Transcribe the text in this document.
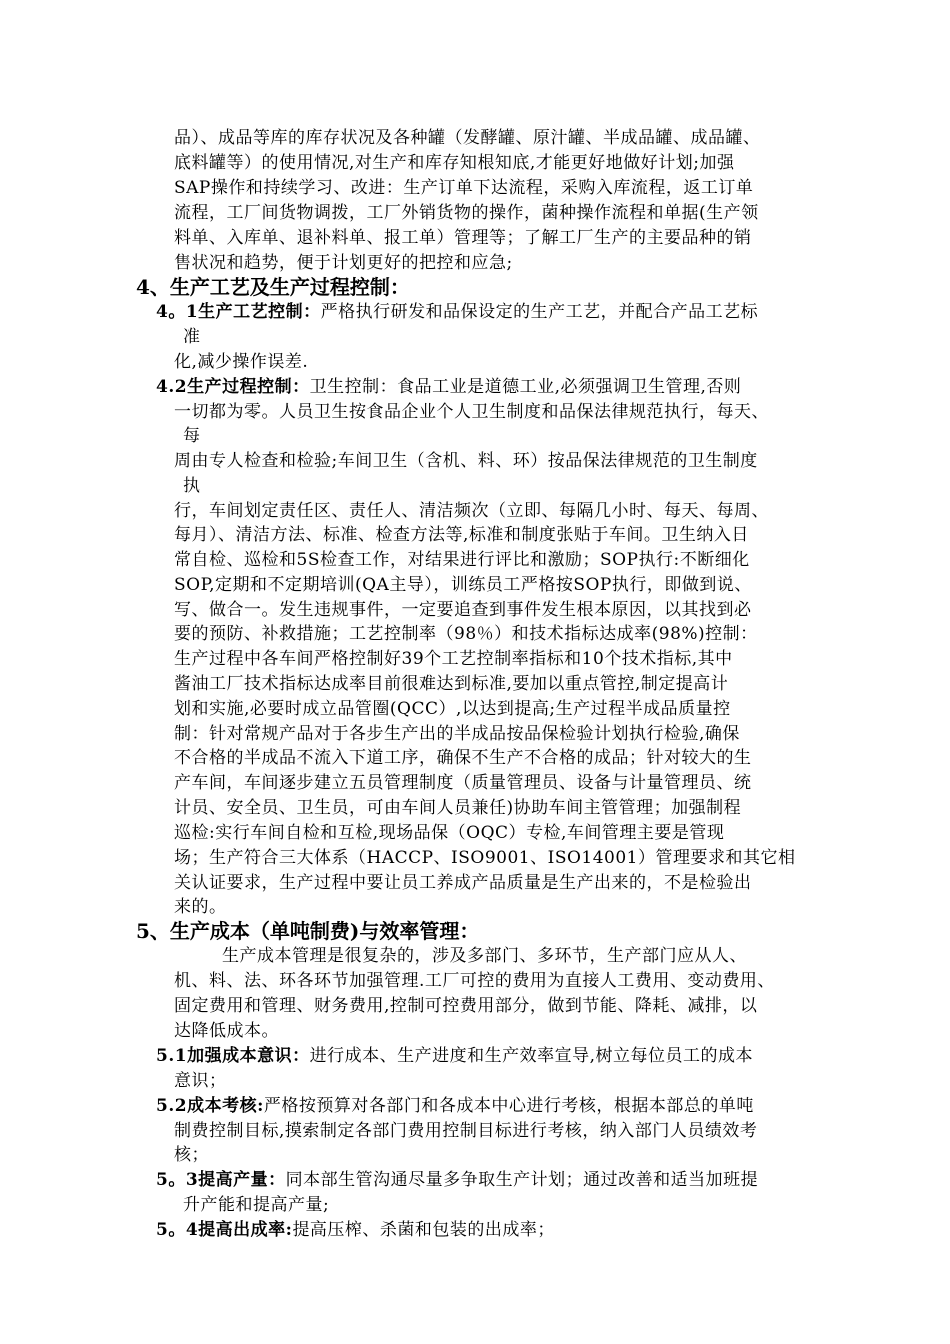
品）、成品等库的库存状况及各种罐（发酵罐、原汁罐、半成品罐、成品罐、

底料罐等）的使用情况,对生产和库存知根知底,才能更好地做好计划;加强

SAP操作和持续学习、改进：生产订单下达流程，采购入库流程，返工订单

流程，工厂间货物调拨，工厂外销货物的操作，菌种操作流程和单据(生产领

料单、入库单、退补料单、报工单）管理等；了解工厂生产的主要品种的销

售状况和趋势，便于计划更好的把控和应急;

4、生产工艺及生产过程控制：

4。1生产工艺控制：严格执行研发和品保设定的生产工艺，并配合产品工艺标

准

化,减少操作误差.

4.2生产过程控制：卫生控制：食品工业是道德工业,必须强调卫生管理,否则

一切都为零。人员卫生按食品企业个人卫生制度和品保法律规范执行，每天、

每

周由专人检查和检验;车间卫生（含机、料、环）按品保法律规范的卫生制度

执

行，车间划定责任区、责任人、清洁频次（立即、每隔几小时、每天、每周、

每月）、清洁方法、标准、检查方法等,标准和制度张贴于车间。卫生纳入日

常自检、巡检和5S检查工作，对结果进行评比和激励；SOP执行:不断细化

SOP,定期和不定期培训(QA主导），训练员工严格按SOP执行，即做到说、

写、做合一。发生违规事件，一定要追查到事件发生根本原因，以其找到必

要的预防、补救措施；工艺控制率（98％）和技术指标达成率(98%)控制：

生产过程中各车间严格控制好39个工艺控制率指标和10个技术指标,其中

酱油工厂技术指标达成率目前很难达到标准,要加以重点管控,制定提高计

划和实施,必要时成立品管圈(QCC）,以达到提高;生产过程半成品质量控

制：针对常规产品对于各步生产出的半成品按品保检验计划执行检验,确保

不合格的半成品不流入下道工序，确保不生产不合格的成品；针对较大的生

产车间，车间逐步建立五员管理制度（质量管理员、设备与计量管理员、统

计员、安全员、卫生员，可由车间人员兼任)协助车间主管管理；加强制程

巡检:实行车间自检和互检,现场品保（OQC）专检,车间管理主要是管现

场；生产符合三大体系（HACCP、ISO9001、ISO14001）管理要求和其它相

关认证要求，生产过程中要让员工养成产品质量是生产出来的，不是检验出

来的。

5、生产成本（单吨制费)与效率管理：

生产成本管理是很复杂的，涉及多部门、多环节，生产部门应从人、

机、料、法、环各环节加强管理.工厂可控的费用为直接人工费用、变动费用、

固定费用和管理、财务费用,控制可控费用部分，做到节能、降耗、减排，以

达降低成本。

5.1加强成本意识：进行成本、生产进度和生产效率宣导,树立每位员工的成本

意识；

5.2成本考核:严格按预算对各部门和各成本中心进行考核，根据本部总的单吨

制费控制目标,摸索制定各部门费用控制目标进行考核，纳入部门人员绩效考

核；

5。3提高产量：同本部生管沟通尽量多争取生产计划；通过改善和适当加班提

升产能和提高产量;

5。4提高出成率:提高压榨、杀菌和包装的出成率；
